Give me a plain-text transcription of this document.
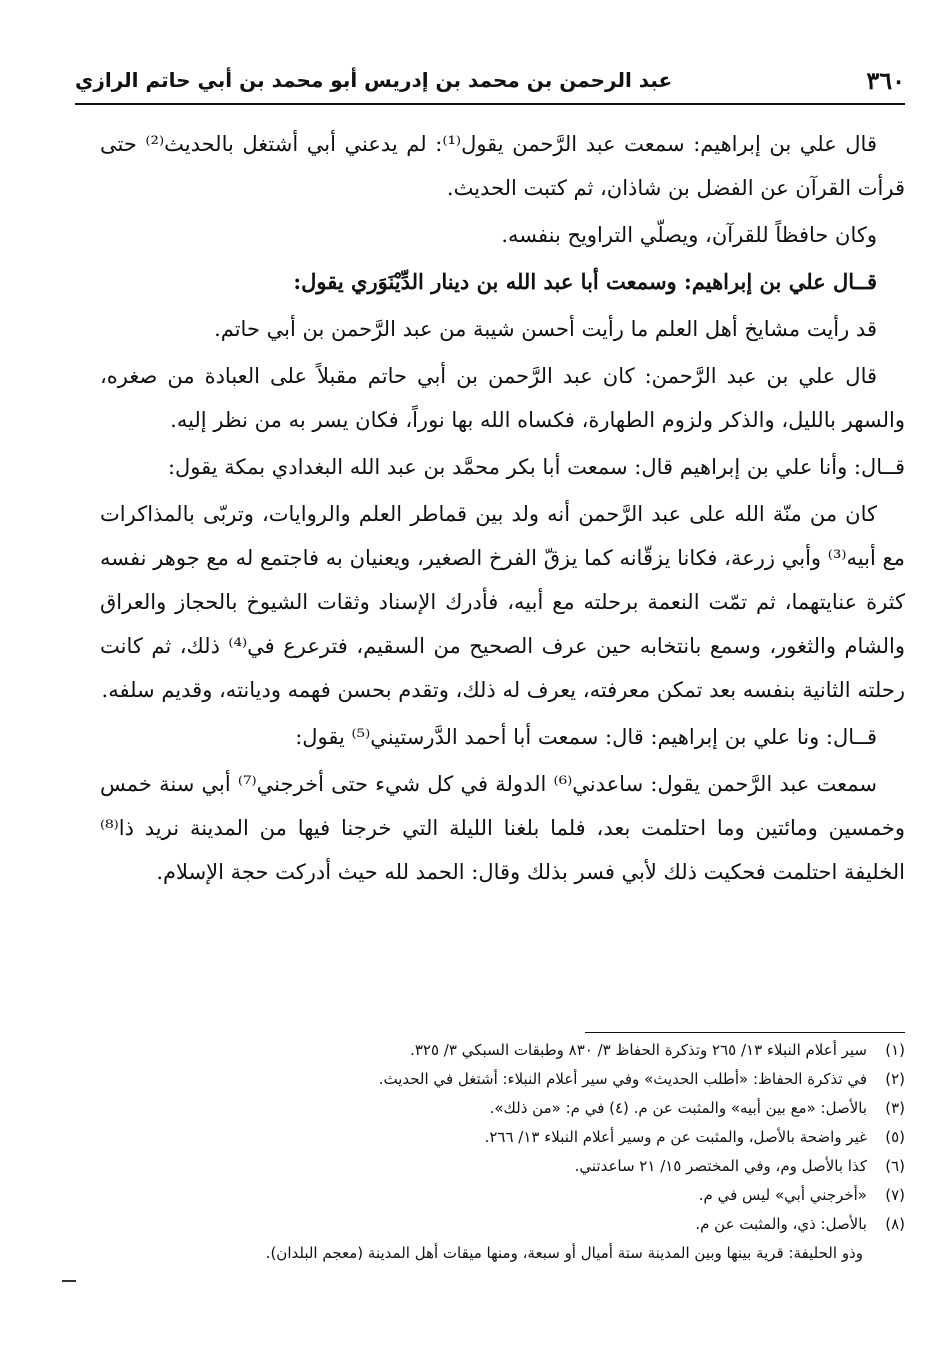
٣٦٠
عبد الرحمن بن محمد بن إدريس أبو محمد بن أبي حاتم الرازي

قال علي بن إبراهيم: سمعت عبد الرَّحمن يقول⁽¹⁾: لم يدعني أبي أشتغل بالحديث⁽²⁾ حتى قرأت القرآن عن الفضل بن شاذان، ثم كتبت الحديث.

وكان حافظاً للقرآن، ويصلّي التراويح بنفسه.

قــال علي بن إبراهيم: وسمعت أبا عبد الله بن دينار الدِّيْنَوَري يقول:

قد رأيت مشايخ أهل العلم ما رأيت أحسن شيبة من عبد الرَّحمن بن أبي حاتم.

قال علي بن عبد الرَّحمن: كان عبد الرَّحمن بن أبي حاتم مقبلاً على العبادة من صغره، والسهر بالليل، والذكر ولزوم الطهارة، فكساه الله بها نوراً، فكان يسر به من نظر إليه.

قــال: وأنا علي بن إبراهيم قال: سمعت أبا بكر محمَّد بن عبد الله البغدادي بمكة يقول:

كان من منّة الله على عبد الرَّحمن أنه ولد بين قماطر العلم والروايات، وتربّى بالمذاكرات مع أبيه⁽³⁾ وأبي زرعة، فكانا يزقّانه كما يزقّ الفرخ الصغير، ويعنيان به فاجتمع له مع جوهر نفسه كثرة عنايتهما، ثم تمّت النعمة برحلته مع أبيه، فأدرك الإسناد وثقات الشيوخ بالحجاز والعراق والشام والثغور، وسمع بانتخابه حين عرف الصحيح من السقيم، فترعرع في⁽⁴⁾ ذلك، ثم كانت رحلته الثانية بنفسه بعد تمكن معرفته، يعرف له ذلك، وتقدم بحسن فهمه وديانته، وقديم سلفه.

قــال: ونا علي بن إبراهيم: قال: سمعت أبا أحمد الدَّرستيني⁽⁵⁾ يقول:

سمعت عبد الرَّحمن يقول: ساعدني⁽⁶⁾ الدولة في كل شيء حتى أخرجني⁽⁷⁾ أبي سنة خمس وخمسين ومائتين وما احتلمت بعد، فلما بلغنا الليلة التي خرجنا فيها من المدينة نريد ذا⁽⁸⁾ الخليفة احتلمت فحكيت ذلك لأبي فسر بذلك وقال: الحمد لله حيث أدركت حجة الإسلام.

(١)سير أعلام النبلاء ١٣/ ٢٦٥ وتذكرة الحفاظ ٣/ ٨٣٠ وطبقات السبكي ٣/ ٣٢٥.
(٢)في تذكرة الحفاظ: «أطلب الحديث» وفي سير أعلام النبلاء: أشتغل في الحديث.
(٣)بالأصل: «مع بين أبيه» والمثبت عن م. (٤) في م: «من ذلك».
(٥)غير واضحة بالأصل، والمثبت عن م وسير أعلام النبلاء ١٣/ ٢٦٦.
(٦)كذا بالأصل وم، وفي المختصر ١٥/ ٢١ ساعدتني.
(٧)«أخرجني أبي» ليس في م.
(٨)بالأصل: ذي، والمثبت عن م.
وذو الحليفة: قرية بينها وبين المدينة ستة أميال أو سبعة، ومنها ميقات أهل المدينة (معجم البلدان).
